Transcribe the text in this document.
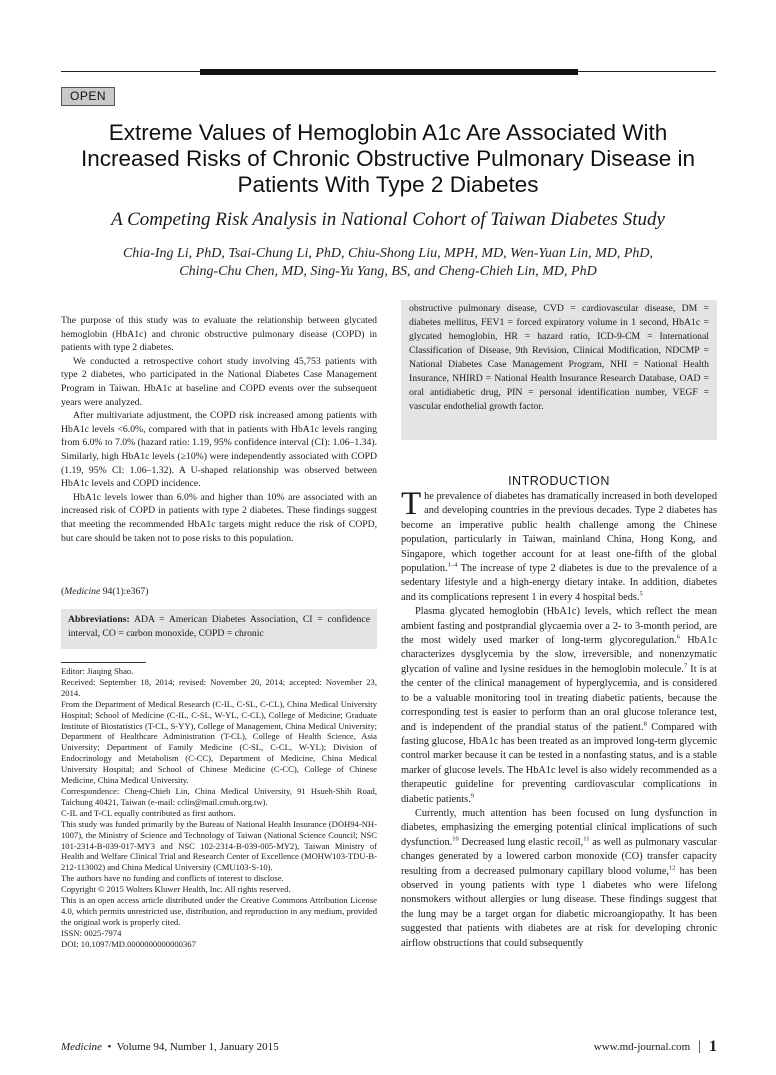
OPEN
Extreme Values of Hemoglobin A1c Are Associated With
Increased Risks of Chronic Obstructive Pulmonary Disease in
Patients With Type 2 Diabetes
A Competing Risk Analysis in National Cohort of Taiwan Diabetes Study
Chia-Ing Li, PhD, Tsai-Chung Li, PhD, Chiu-Shong Liu, MPH, MD, Wen-Yuan Lin, MD, PhD,
Ching-Chu Chen, MD, Sing-Yu Yang, BS, and Cheng-Chieh Lin, MD, PhD

The purpose of this study was to evaluate the relationship between glycated hemoglobin (HbA1c) and chronic obstructive pulmonary disease (COPD) in patients with type 2 diabetes.

We conducted a retrospective cohort study involving 45,753 patients with type 2 diabetes, who participated in the National Diabetes Case Management Program in Taiwan. HbA1c at baseline and COPD events over the subsequent years were analyzed.

After multivariate adjustment, the COPD risk increased among patients with HbA1c levels <6.0%, compared with that in patients with HbA1c levels ranging from 6.0% to 7.0% (hazard ratio: 1.19, 95% confidence interval (CI): 1.06–1.34). Similarly, high HbA1c levels (≥10%) were independently associated with COPD (1.19, 95% CI: 1.06–1.32). A U-shaped relationship was observed between HbA1c levels and COPD incidence.

HbA1c levels lower than 6.0% and higher than 10% are associated with an increased risk of COPD in patients with type 2 diabetes. These findings suggest that meeting the recommended HbA1c targets might reduce the risk of COPD, but care should be taken not to pose risks to this population.

(Medicine 94(1):e367)
Abbreviations: ADA = American Diabetes Association, CI = confidence interval, CO = carbon monoxide, COPD = chronic

Editor: Jiaqing Shao.

Received: September 18, 2014; revised: November 20, 2014; accepted: November 23, 2014.

From the Department of Medical Research (C-IL, C-SL, C-CL), China Medical University Hospital; School of Medicine (C-IL, C-SL, W-YL, C-CL), College of Medicine; Graduate Institute of Biostatistics (T-CL, S-YY), College of Management, China Medical University; Department of Healthcare Administration (T-CL), College of Health Science, Asia University; Department of Family Medicine (C-SL, C-CL, W-YL); Division of Endocrinology and Metabolism (C-CC), Department of Medicine, China Medical University Hospital; and School of Chinese Medicine (C-CC), College of Chinese Medicine, China Medical University.

Correspondence: Cheng-Chieh Lin, China Medical University, 91 Hsueh-Shih Road, Taichung 40421, Taiwan (e-mail: cclin@mail.cmuh.org.tw).

C-IL and T-CL equally contributed as first authors.

This study was funded primarily by the Bureau of National Health Insurance (DOH94-NH-1007), the Ministry of Science and Technology of Taiwan (National Science Council; NSC 101-2314-B-039-017-MY3 and NSC 102-2314-B-039-005-MY2), Taiwan Ministry of Health and Welfare Clinical Trial and Research Center of Excellence (MOHW103-TDU-B-212-113002) and China Medical University (CMU103-S-10).

The authors have no funding and conflicts of interest to disclose.

Copyright © 2015 Wolters Kluwer Health, Inc. All rights reserved.

This is an open access article distributed under the Creative Commons Attribution License 4.0, which permits unrestricted use, distribution, and reproduction in any medium, provided the original work is properly cited.

ISSN: 0025-7974

DOI: 10.1097/MD.0000000000000367

obstructive pulmonary disease, CVD = cardiovascular disease, DM = diabetes mellitus, FEV1 = forced expiratory volume in 1 second, HbA1c = glycated hemoglobin, HR = hazard ratio, ICD-9-CM = International Classification of Disease, 9th Revision, Clinical Modification, NDCMP = National Diabetes Case Management Program, NHI = National Health Insurance, NHIRD = National Health Insurance Research Database, OAD = oral antidiabetic drug, PIN = personal identification number, VEGF = vascular endothelial growth factor.
INTRODUCTION

The prevalence of diabetes has dramatically increased in both developed and developing countries in the previous decades. Type 2 diabetes has become an imperative public health challenge among the Chinese population, particularly in Taiwan, mainland China, Hong Kong, and Singapore, which together account for at least one-fifth of the global population.$^{1-4}$ The increase of type 2 diabetes is due to the prevalence of a sedentary lifestyle and a high-energy dietary intake. In addition, diabetes and its complications represent 1 in every 4 hospital beds.$^5$

Plasma glycated hemoglobin (HbA1c) levels, which reflect the mean ambient fasting and postprandial glycaemia over a 2- to 3-month period, are the most widely used marker of long-term glycoregulation.$^6$ HbA1c characterizes dysglycemia by the slow, irreversible, and nonenzymatic glycation of valine and lysine residues in the hemoglobin molecule.$^7$ It is at the center of the clinical management of hyperglycemia, and is considered to be a valuable monitoring tool in treating diabetic patients, because the corresponding test is easier to perform than an oral glucose tolerance test, and is independent of the prandial status of the patient.$^8$ Compared with fasting glucose, HbA1c has been treated as an improved long-term glycemic control marker because it can be tested in a nonfasting status, and is a stable marker of glucose levels. The HbA1c level is also widely recommended as a therapeutic guideline for preventing cardiovascular complications in diabetic patients.$^9$

Currently, much attention has been focused on lung dysfunction in diabetes, emphasizing the emerging potential clinical implications of such dysfunction.$^{10}$ Decreased lung elastic recoil,$^{11}$ as well as pulmonary vascular changes generated by a lowered carbon monoxide (CO) transfer capacity resulting from a decreased pulmonary capillary blood volume,$^{12}$ has been observed in young patients with type 1 diabetes who were lifelong nonsmokers without allergies or lung disease. These findings suggest that the lung may be a target organ for diabetic microangiopathy. It has been suggested that patients with diabetes are at risk for developing chronic airflow obstructions that could subsequently

Medicine  •  Volume 94, Number 1, January 2015	www.md-journal.com | 1
